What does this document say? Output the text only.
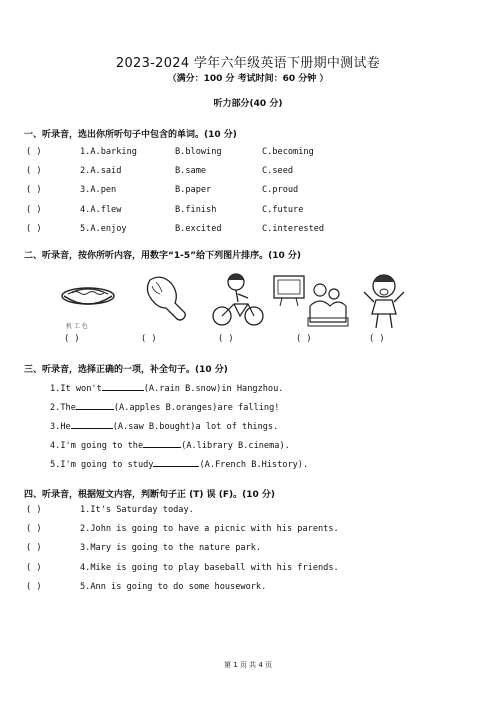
2023-2024 学年六年级英语下册期中测试卷
（满分：100 分 考试时间：60 分钟 ）
听力部分(40 分)
一、听录音，选出你所听句子中包含的单词。(10 分)
( )	1.A.barking	B.blowing	C.becoming
( )	2.A.said	B.same	C.seed
( )	3.A.pen	B.paper	C.proud
( )	4.A.flew	B.finish	C.future
( )	5.A.enjoy	B.excited	C.interested
二、听录音，按你所听内容，用数字“1-5”给下列图片排序。(10 分)
机 工 色
( )	( )	( )	( )	( )
三、听录音，选择正确的一项，补全句子。(10 分)
1.It won't	(A.rain B.snow)in Hangzhou.
2.The	(A.apples B.oranges)are falling!
3.He	(A.saw B.bought)a lot of things.
4.I'm going to the	(A.library B.cinema).
5.I'm going to study	(A.French B.History).
四、听录音，根据短文内容，判断句子正 (T) 误 (F)。(10 分)
( )	1.It's Saturday today.
( )	2.John is going to have a picnic with his parents.
( )	3.Mary is going to the nature park.
( )	4.Mike is going to play baseball with his friends.
( )	5.Ann is going to do some housework.
第 1 页 共 4 页
